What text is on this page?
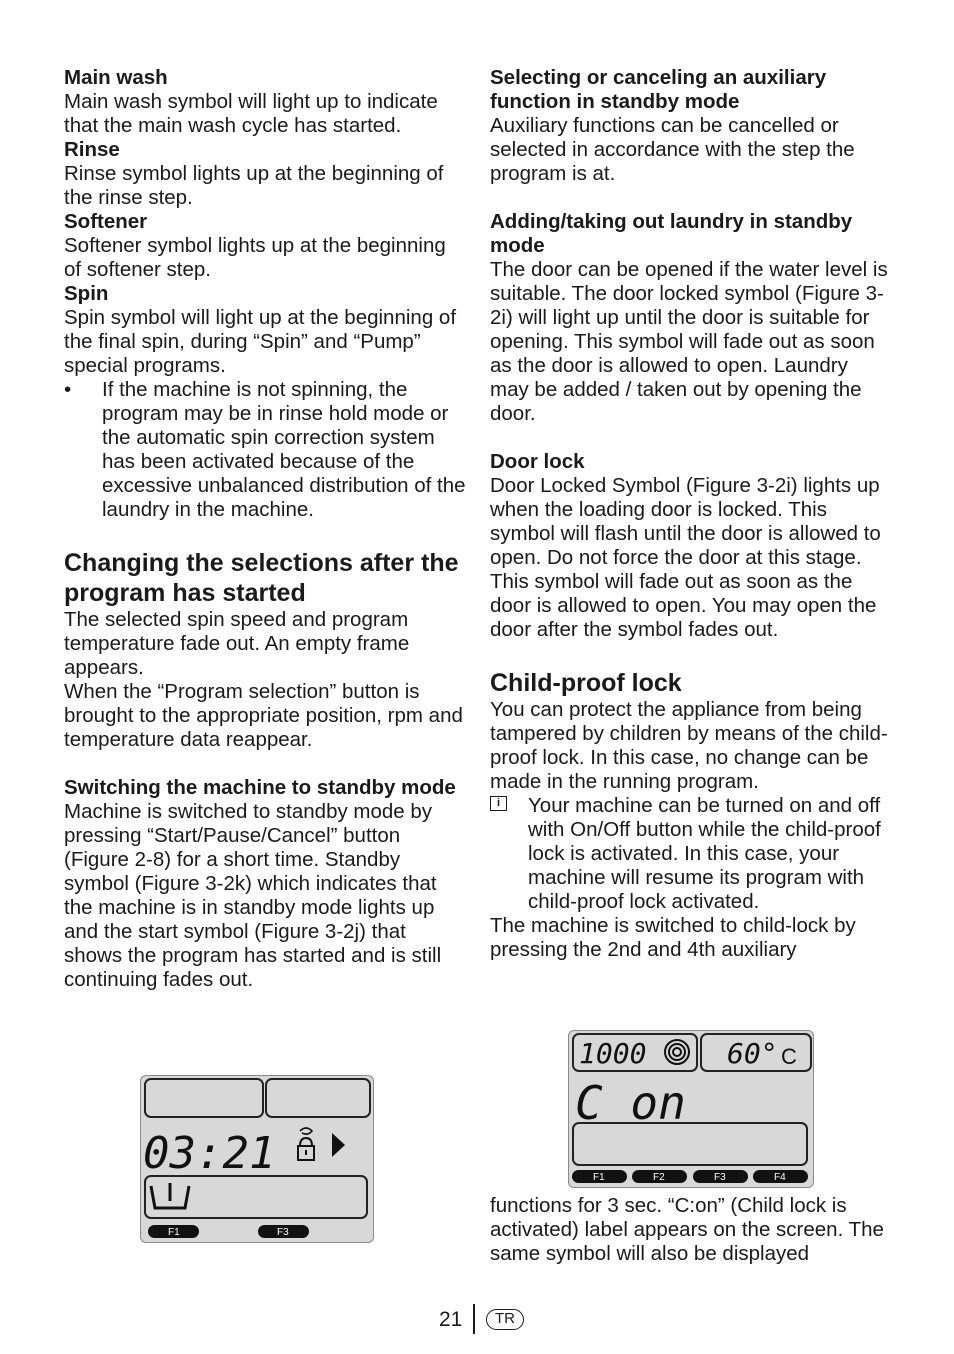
Main wash

Main wash symbol will light up to indicate that the main wash cycle has started.

Rinse

Rinse symbol lights up at the beginning of the rinse step.

Softener

Softener symbol lights up at the beginning of softener step.

Spin

Spin symbol will light up at the beginning of the final spin, during “Spin” and “Pump” special programs.

•	If the machine is not spinning, the program may be in rinse hold mode or the automatic spin correction system has been activated because of the excessive unbalanced distribution of the laundry in the machine.

Changing the selections after the program has started

The selected spin speed and program temperature fade out. An empty frame appears.

When the “Program selection” button is brought to the appropriate position, rpm and temperature data reappear.

Switching the machine to standby mode

Machine is switched to standby mode by pressing “Start/Pause/Cancel” button (Figure 2-8) for a short time. Standby symbol (Figure 3-2k) which indicates that the machine is in standby mode lights up and the start symbol (Figure 3-2j) that shows the program has started and is still continuing fades out.

Selecting or canceling an auxiliary function in standby mode

Auxiliary functions can be cancelled or selected in accordance with the step the program is at.

Adding/taking out laundry in standby mode

The door can be opened if the water level is suitable. The door locked symbol (Figure 3-2i) will light up until the door is suitable for opening. This symbol will fade out as soon as the door is allowed to open. Laundry may be added / taken out by opening the door.

Door lock

Door Locked Symbol (Figure 3-2i) lights up when the loading door is locked. This symbol will flash until the door is allowed to open. Do not force the door at this stage. This symbol will fade out as soon as the door is allowed to open. You may open the door after the symbol fades out.

Child-proof lock

You can protect the appliance from being tampered by children by means of the child-proof lock. In this case, no change can be made in the running program.

i	Your machine can be turned on and off with On/Off button while the child-proof lock is activated. In this case, your machine will resume its program with child-proof lock activated.

The machine is switched to child-lock by pressing the 2nd and 4th auxiliary

functions for 3 sec. “C:on” (Child lock is activated) label appears on the screen. The same symbol will also be displayed

03:21
F1	F3
1000	60° C
C on
F1	F2	F3	F4
21	TR
